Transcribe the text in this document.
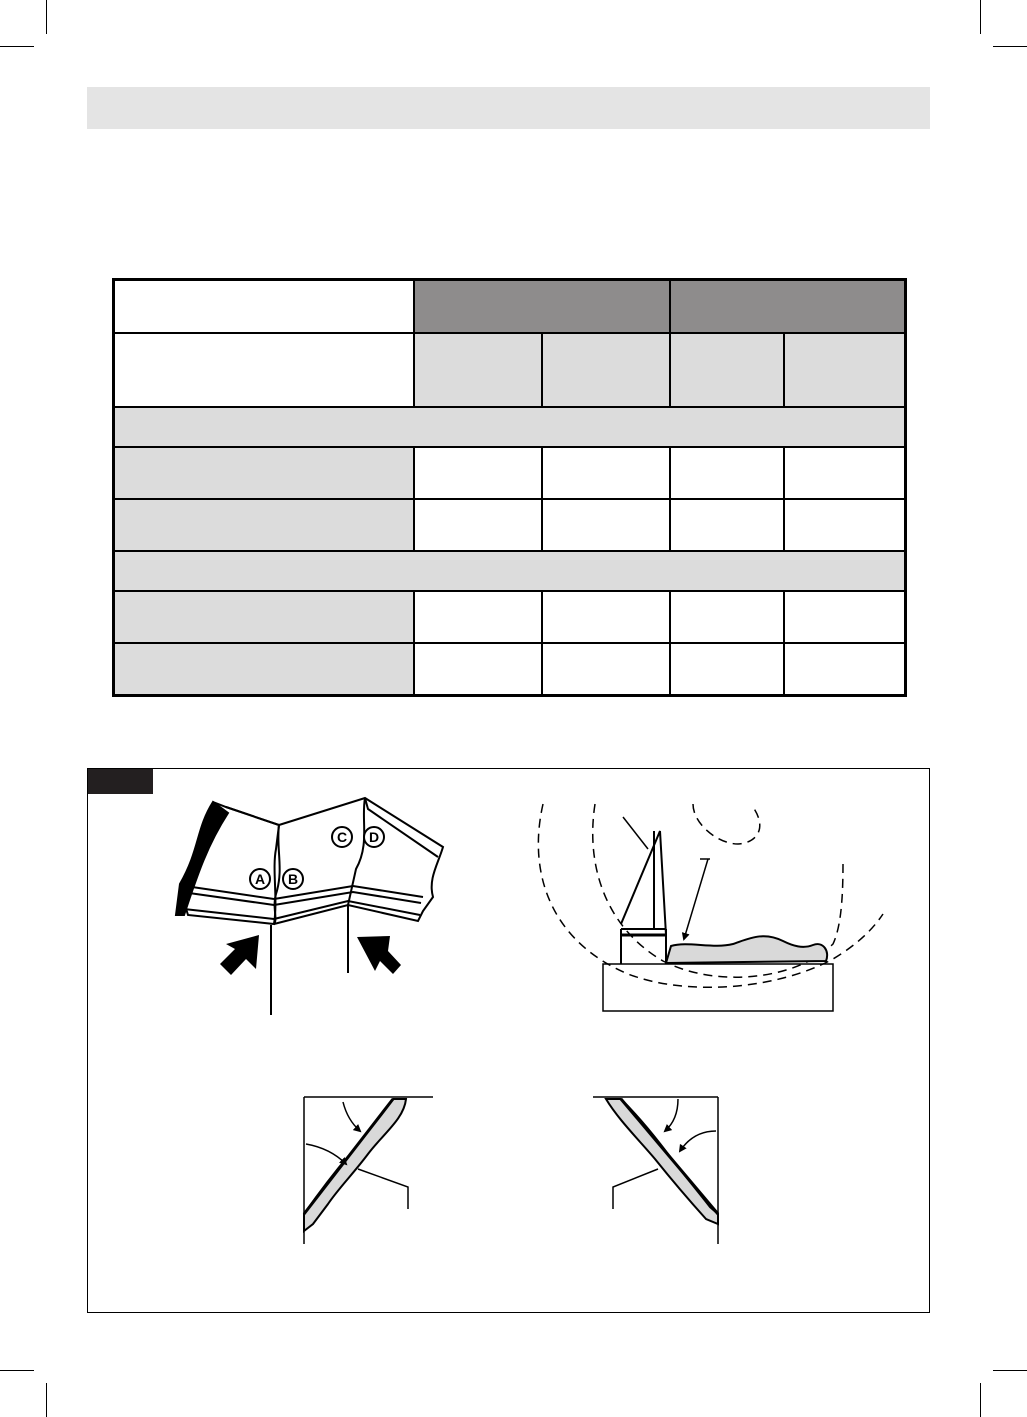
A B
C D
